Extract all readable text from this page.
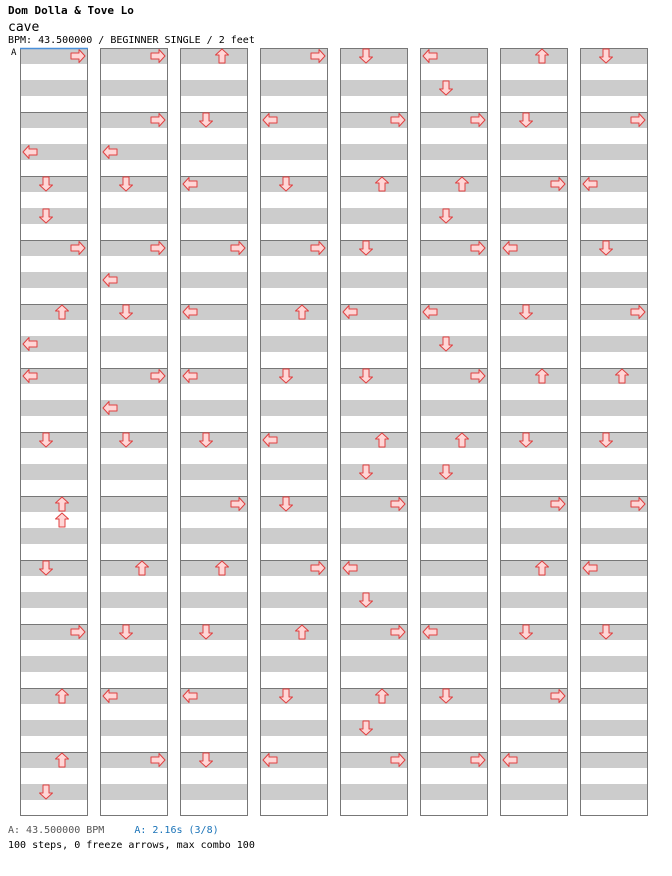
Dom Dolla & Tove Lo
cave
BPM: 43.500000 / BEGINNER SINGLE / 2 feet
A
A: 43.500000 BPM	A: 2.16s (3/8)
100 steps, 0 freeze arrows, max combo 100
